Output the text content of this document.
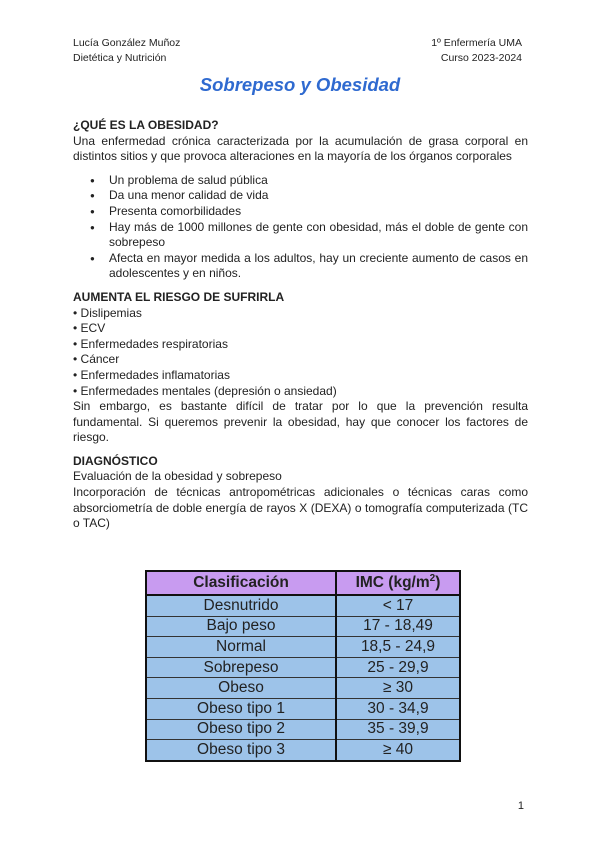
Lucía González Muñoz
Dietética y Nutrición
1º Enfermería UMA
Curso 2023-2024
Sobrepeso y Obesidad

¿QUÉ ES LA OBESIDAD?

Una enfermedad crónica caracterizada por la acumulación de grasa corporal en distintos sitios y que provoca alteraciones en la mayoría de los órganos corporales

● Un problema de salud pública
● Da una menor calidad de vida
● Presenta comorbilidades
● Hay más de 1000 millones de gente con obesidad, más el doble de gente con sobrepeso
● Afecta en mayor medida a los adultos, hay un creciente aumento de casos en adolescentes y en niños.

AUMENTA EL RIESGO DE SUFRIRLA

• Dislipemias

• ECV

• Enfermedades respiratorias

• Cáncer

• Enfermedades inflamatorias

• Enfermedades mentales (depresión o ansiedad)

Sin embargo, es bastante difícil de tratar por lo que la prevención resulta fundamental. Si queremos prevenir la obesidad, hay que conocer los factores de riesgo.

DIAGNÓSTICO

Evaluación de la obesidad y sobrepeso

Incorporación de técnicas antropométricas adicionales o técnicas caras como absorciometría de doble energía de rayos X (DEXA) o tomografía computerizada (TC o TAC)

Clasificación	IMC $(kg/m^2)$
Desnutrido	< 17
Bajo peso	17 - 18,49
Normal	18,5 - 24,9
Sobrepeso	25 - 29,9
Obeso	≥ 30
Obeso tipo 1	30 - 34,9
Obeso tipo 2	35 - 39,9
Obeso tipo 3	≥ 40
1
